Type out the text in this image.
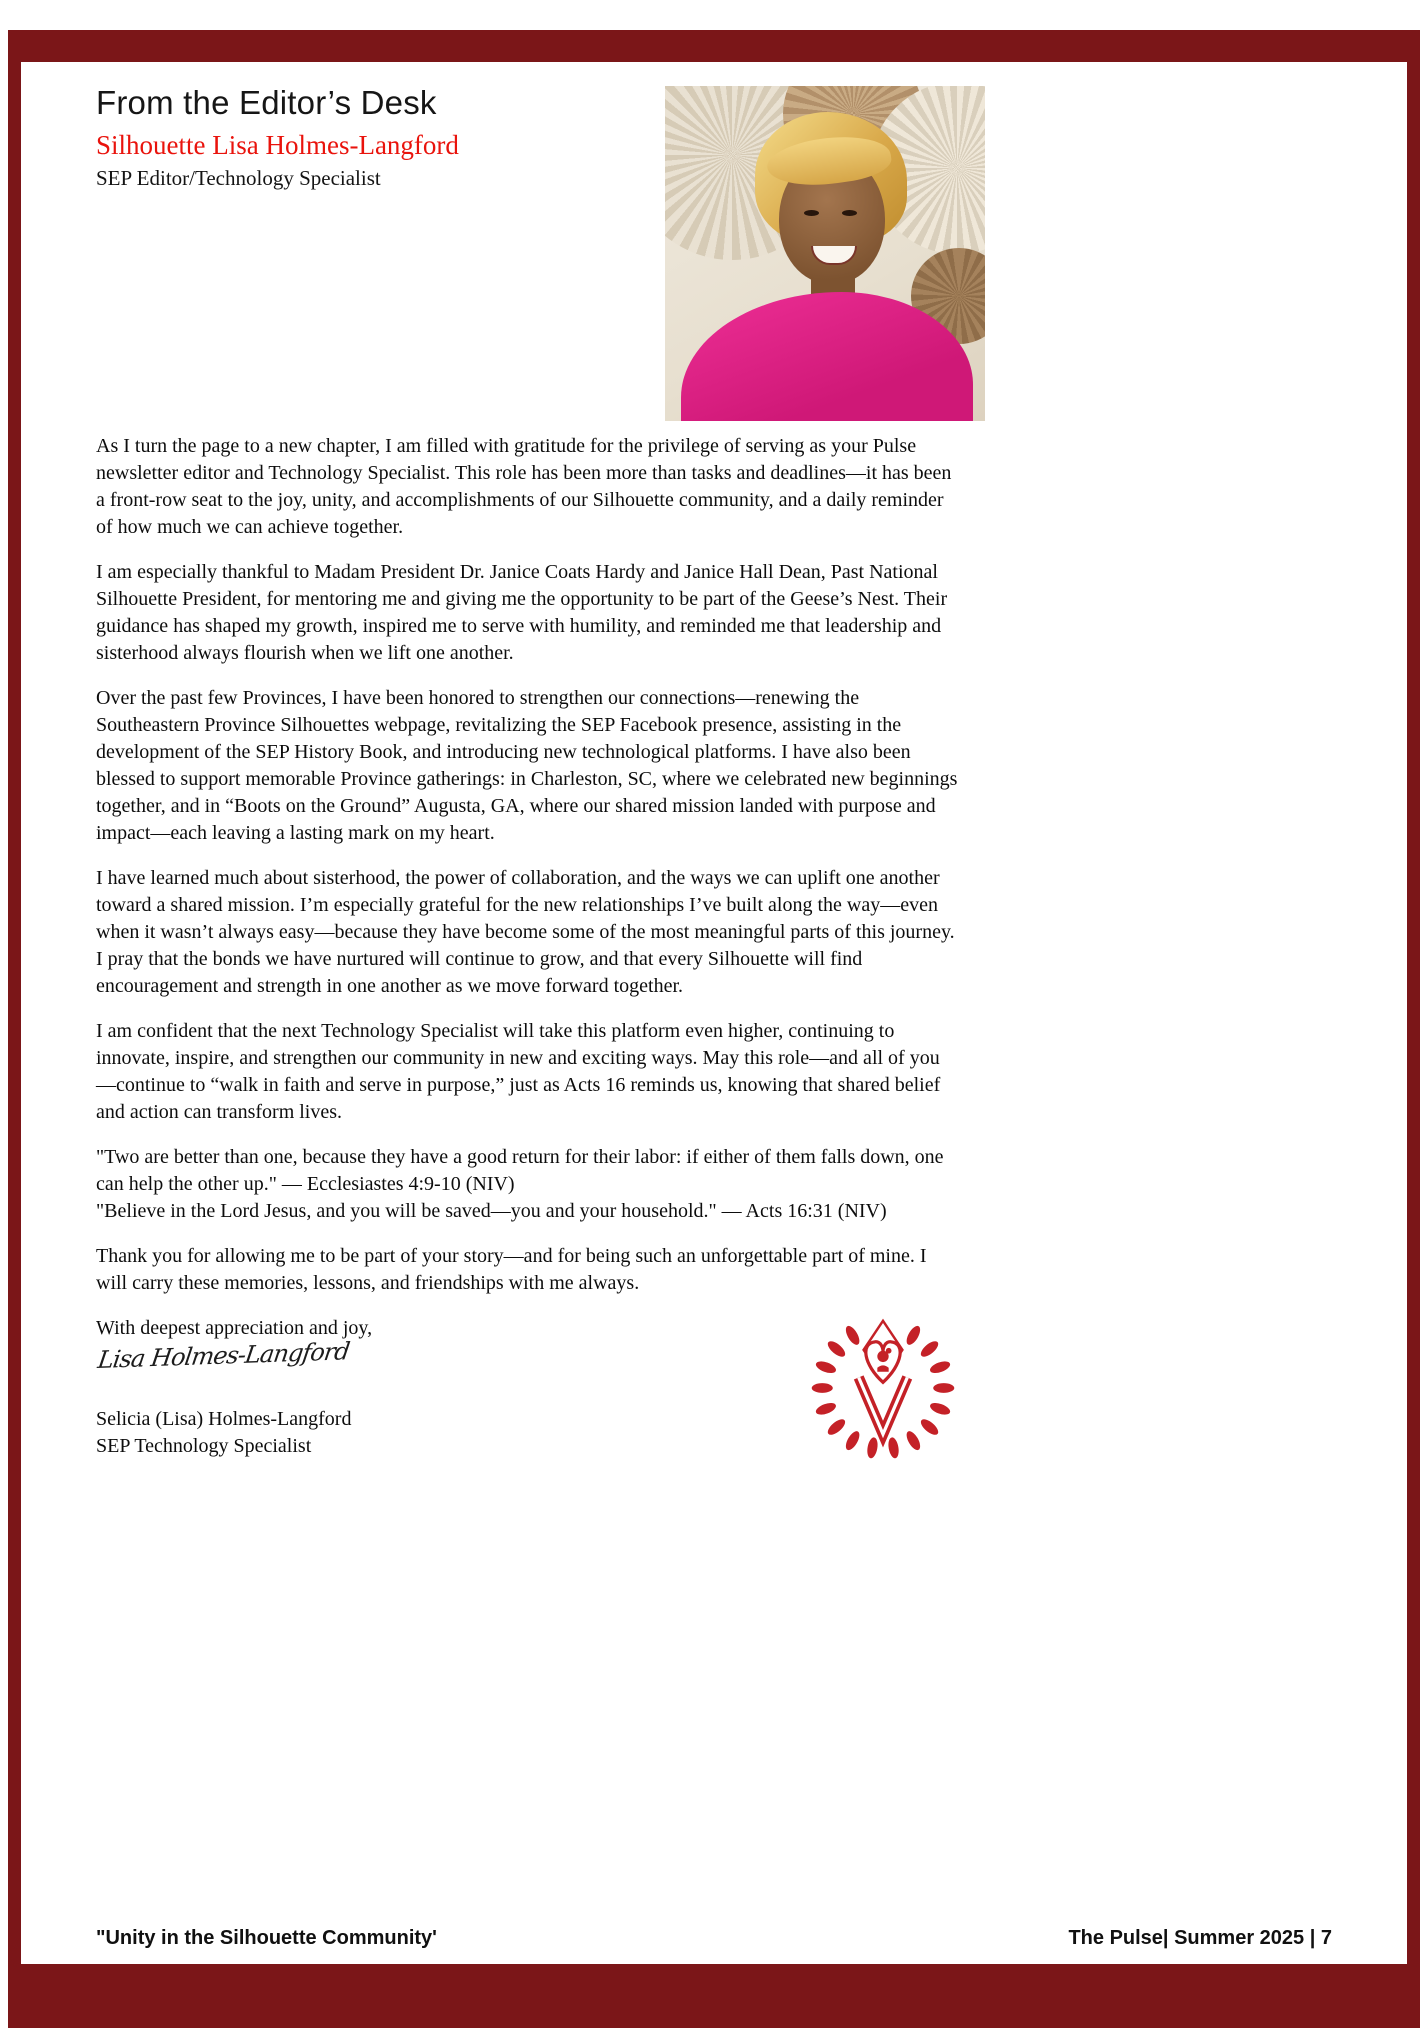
From the Editor’s Desk
Silhouette Lisa Holmes-Langford
SEP Editor/Technology Specialist

As I turn the page to a new chapter, I am filled with gratitude for the privilege of serving as your Pulse newsletter editor and Technology Specialist. This role has been more than tasks and deadlines—it has been a front-row seat to the joy, unity, and accomplishments of our Silhouette community, and a daily reminder of how much we can achieve together.

I am especially thankful to Madam President Dr. Janice Coats Hardy and Janice Hall Dean, Past National Silhouette President, for mentoring me and giving me the opportunity to be part of the Geese’s Nest. Their guidance has shaped my growth, inspired me to serve with humility, and reminded me that leadership and sisterhood always flourish when we lift one another.

Over the past few Provinces, I have been honored to strengthen our connections—renewing the Southeastern Province Silhouettes webpage, revitalizing the SEP Facebook presence, assisting in the development of the SEP History Book, and introducing new technological platforms. I have also been blessed to support memorable Province gatherings: in Charleston, SC, where we celebrated new beginnings together, and in “Boots on the Ground” Augusta, GA, where our shared mission landed with purpose and impact—each leaving a lasting mark on my heart.

I have learned much about sisterhood, the power of collaboration, and the ways we can uplift one another toward a shared mission. I’m especially grateful for the new relationships I’ve built along the way—even when it wasn’t always easy—because they have become some of the most meaningful parts of this journey. I pray that the bonds we have nurtured will continue to grow, and that every Silhouette will find encouragement and strength in one another as we move forward together.

I am confident that the next Technology Specialist will take this platform even higher, continuing to innovate, inspire, and strengthen our community in new and exciting ways. May this role—and all of you—continue to “walk in faith and serve in purpose,” just as Acts 16 reminds us, knowing that shared belief and action can transform lives.

"Two are better than one, because they have a good return for their labor: if either of them falls down, one can help the other up." — Ecclesiastes 4:9-10 (NIV)

"Believe in the Lord Jesus, and you will be saved—you and your household." — Acts 16:31 (NIV)

Thank you for allowing me to be part of your story—and for being such an unforgettable part of mine. I will carry these memories, lessons, and friendships with me always.

With deepest appreciation and joy,

Lisa Holmes-Langford

Selicia (Lisa) Holmes-Langford

SEP Technology Specialist

"Unity in the Silhouette Community'	The Pulse| Summer 2025 | 7
